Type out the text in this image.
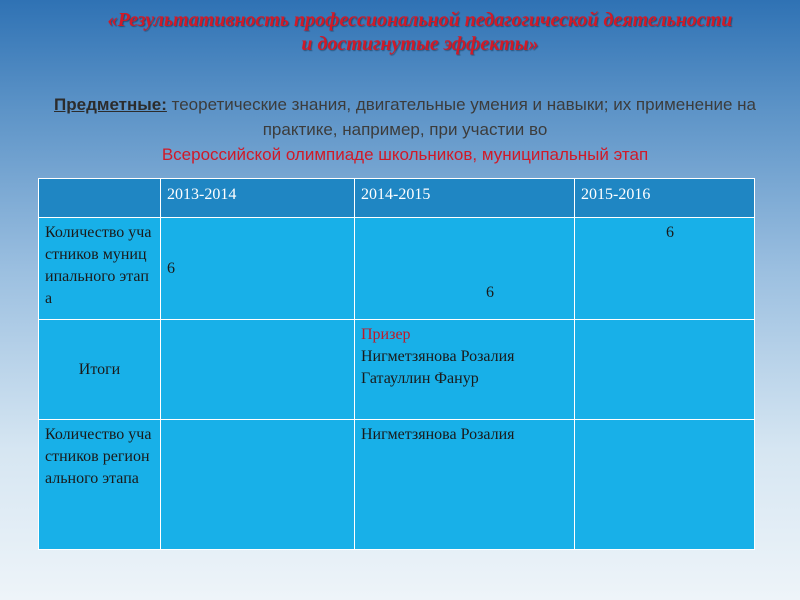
«Результативность профессиональной педагогической деятельности
и достигнутые эффекты»
Предметные: теоретические знания, двигательные умения и навыки; их применение на практике, например, при участии во
Всероссийской олимпиаде школьников, муниципальный этап
	2013-2014	2014-2015	2015-2016
Количество участников муниципального этапа	6	6	6
Итоги		Призер
Нигметзянова Розалия
Гатауллин Фанур	

Количество участников регионального этапа		Нигметзянова Розалия	
